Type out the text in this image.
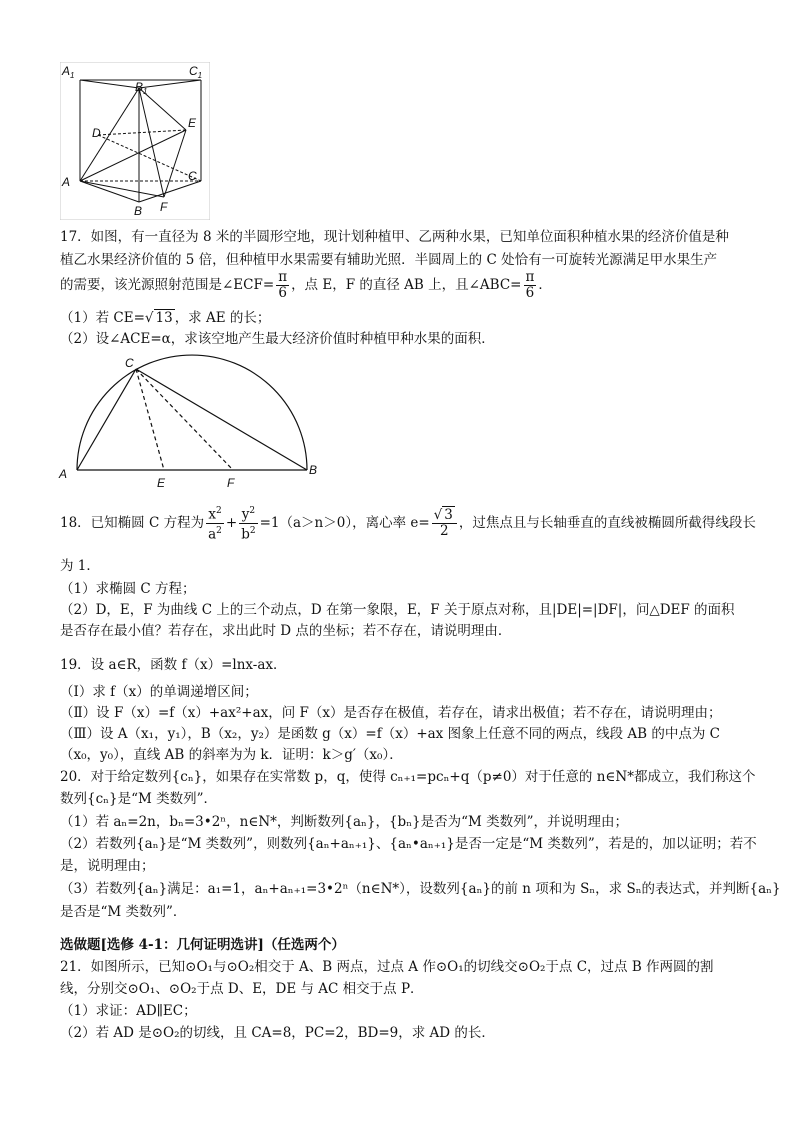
$A_1$
$B_1$
$C_1$
D
E
A	C
B F
17．如图，有一直径为 8 米的半圆形空地，现计划种植甲、乙两种水果，已知单位面积种植水果的经济价值是种
植乙水果经济价值的 5 倍，但种植甲水果需要有辅助光照．半圆周上的 C 处恰有一可旋转光源满足甲水果生产
的需要，该光源照射范围是∠ECF= $\frac{\pi}{6}$ ，点 E，F 的直径 AB 上，且∠ABC= $\frac{\pi}{6}$ ．
（1）若 CE=√ 13 ，求 AE 的长；
（2）设∠ACE=α，求该空地产生最大经济价值时种植甲种水果的面积．
C
A	B
E	F
18．已知椭圆 C 方程为 $\frac{x^2}{a^2} + \frac{y^2}{b^2} =1(a>n>0)$，离心率 $e= \frac{√ 3}{2}$ ，过焦点且与长轴垂直的直线被椭圆所截得线段长
为 1．
（1）求椭圆 C 方程；
（2）D，E，F 为曲线 C 上的三个动点，D 在第一象限，E，F 关于原点对称，且|DE|=|DF|，问△DEF 的面积
是否存在最小值？若存在，求出此时 D 点的坐标；若不存在，请说明理由．
19．设 a∈R，函数 f（x）=lnx-ax．
（Ⅰ）求 f（x）的单调递增区间；
（Ⅱ）设 F（x）=f（x）+ax²+ax，问 F（x）是否存在极值，若存在，请求出极值；若不存在，请说明理由；
（Ⅲ）设 A（x₁，y₁），B（x₂，y₂）是函数 g（x）=f（x）+ax 图象上任意不同的两点，线段 AB 的中点为 C
（x₀，y₀），直线 AB 的斜率为为 k．证明：k＞g′（x₀）．
20．对于给定数列{cₙ}，如果存在实常数 p，q，使得 cₙ₊₁=pcₙ+q（p≠0）对于任意的 n∈N*都成立，我们称这个
数列{cₙ}是“M 类数列”．
（1）若 aₙ=2n，bₙ=3•2ⁿ，n∈N*，判断数列{aₙ}，{bₙ}是否为“M 类数列”，并说明理由；
（2）若数列{aₙ}是“M 类数列”，则数列{aₙ+aₙ₊₁}、{aₙ•aₙ₊₁}是否一定是“M 类数列”，若是的，加以证明；若不
是，说明理由；
（3）若数列{aₙ}满足：a₁=1，aₙ+aₙ₊₁=3•2ⁿ（n∈N*），设数列{aₙ}的前 n 项和为 Sₙ，求 Sₙ的表达式，并判断{aₙ}
是否是“M 类数列”．
选做题[选修 4-1：几何证明选讲]（任选两个）
21．如图所示，已知⊙O₁与⊙O₂相交于 A、B 两点，过点 A 作⊙O₁的切线交⊙O₂于点 C，过点 B 作两圆的割
线，分别交⊙O₁、⊙O₂于点 D、E，DE 与 AC 相交于点 P．
（1）求证：AD∥EC；
（2）若 AD 是⊙O₂的切线，且 CA=8，PC=2，BD=9，求 AD 的长．
